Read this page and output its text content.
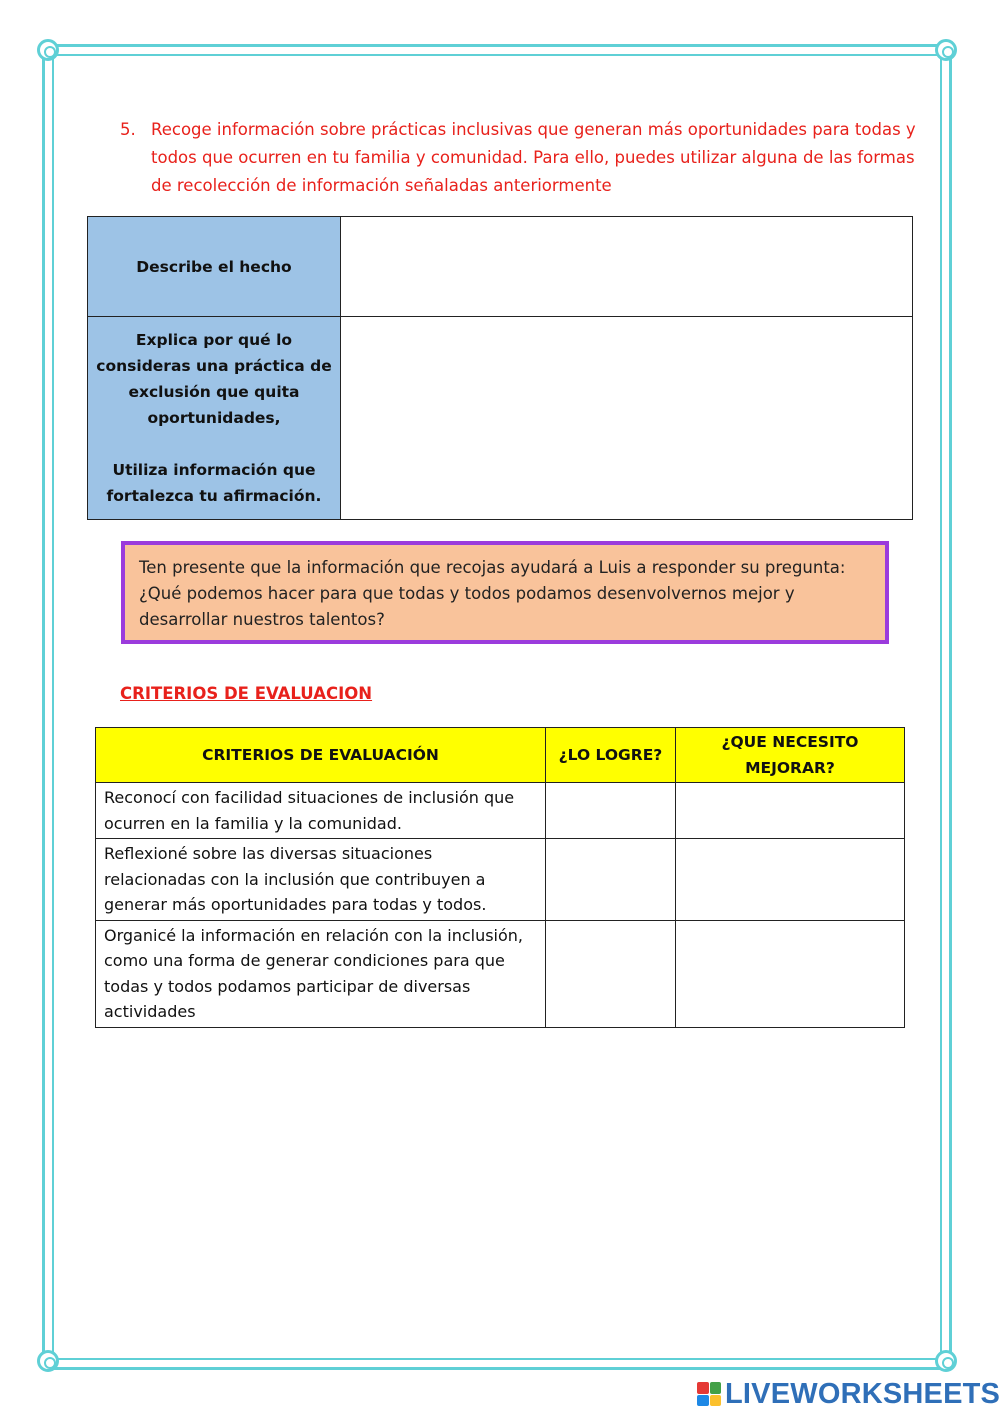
5. Recoge información sobre prácticas inclusivas que generan más oportunidades para todas y todos que ocurren en tu familia y comunidad. Para ello, puedes utilizar alguna de las formas de recolección de información señaladas anteriormente
Describe el hecho	

Explica por qué lo consideras una práctica de exclusión que quita oportunidades,
Utiliza información que fortalezca tu afirmación.	

Ten presente que la información que recojas ayudará a Luis a responder su pregunta: ¿Qué podemos hacer para que todas y todos podamos desenvolvernos mejor y desarrollar nuestros talentos?
CRITERIOS DE EVALUACION
CRITERIOS DE EVALUACIÓN	¿LO LOGRE?	¿QUE NECESITO MEJORAR?
Reconocí con facilidad situaciones de inclusión que ocurren en la familia y la comunidad.		
Reflexioné sobre las diversas situaciones relacionadas con la inclusión que contribuyen a generar más oportunidades para todas y todos.		
Organicé la información en relación con la inclusión, como una forma de generar condiciones para que todas y todos podamos participar de diversas actividades		
LIVEWORKSHEETS
